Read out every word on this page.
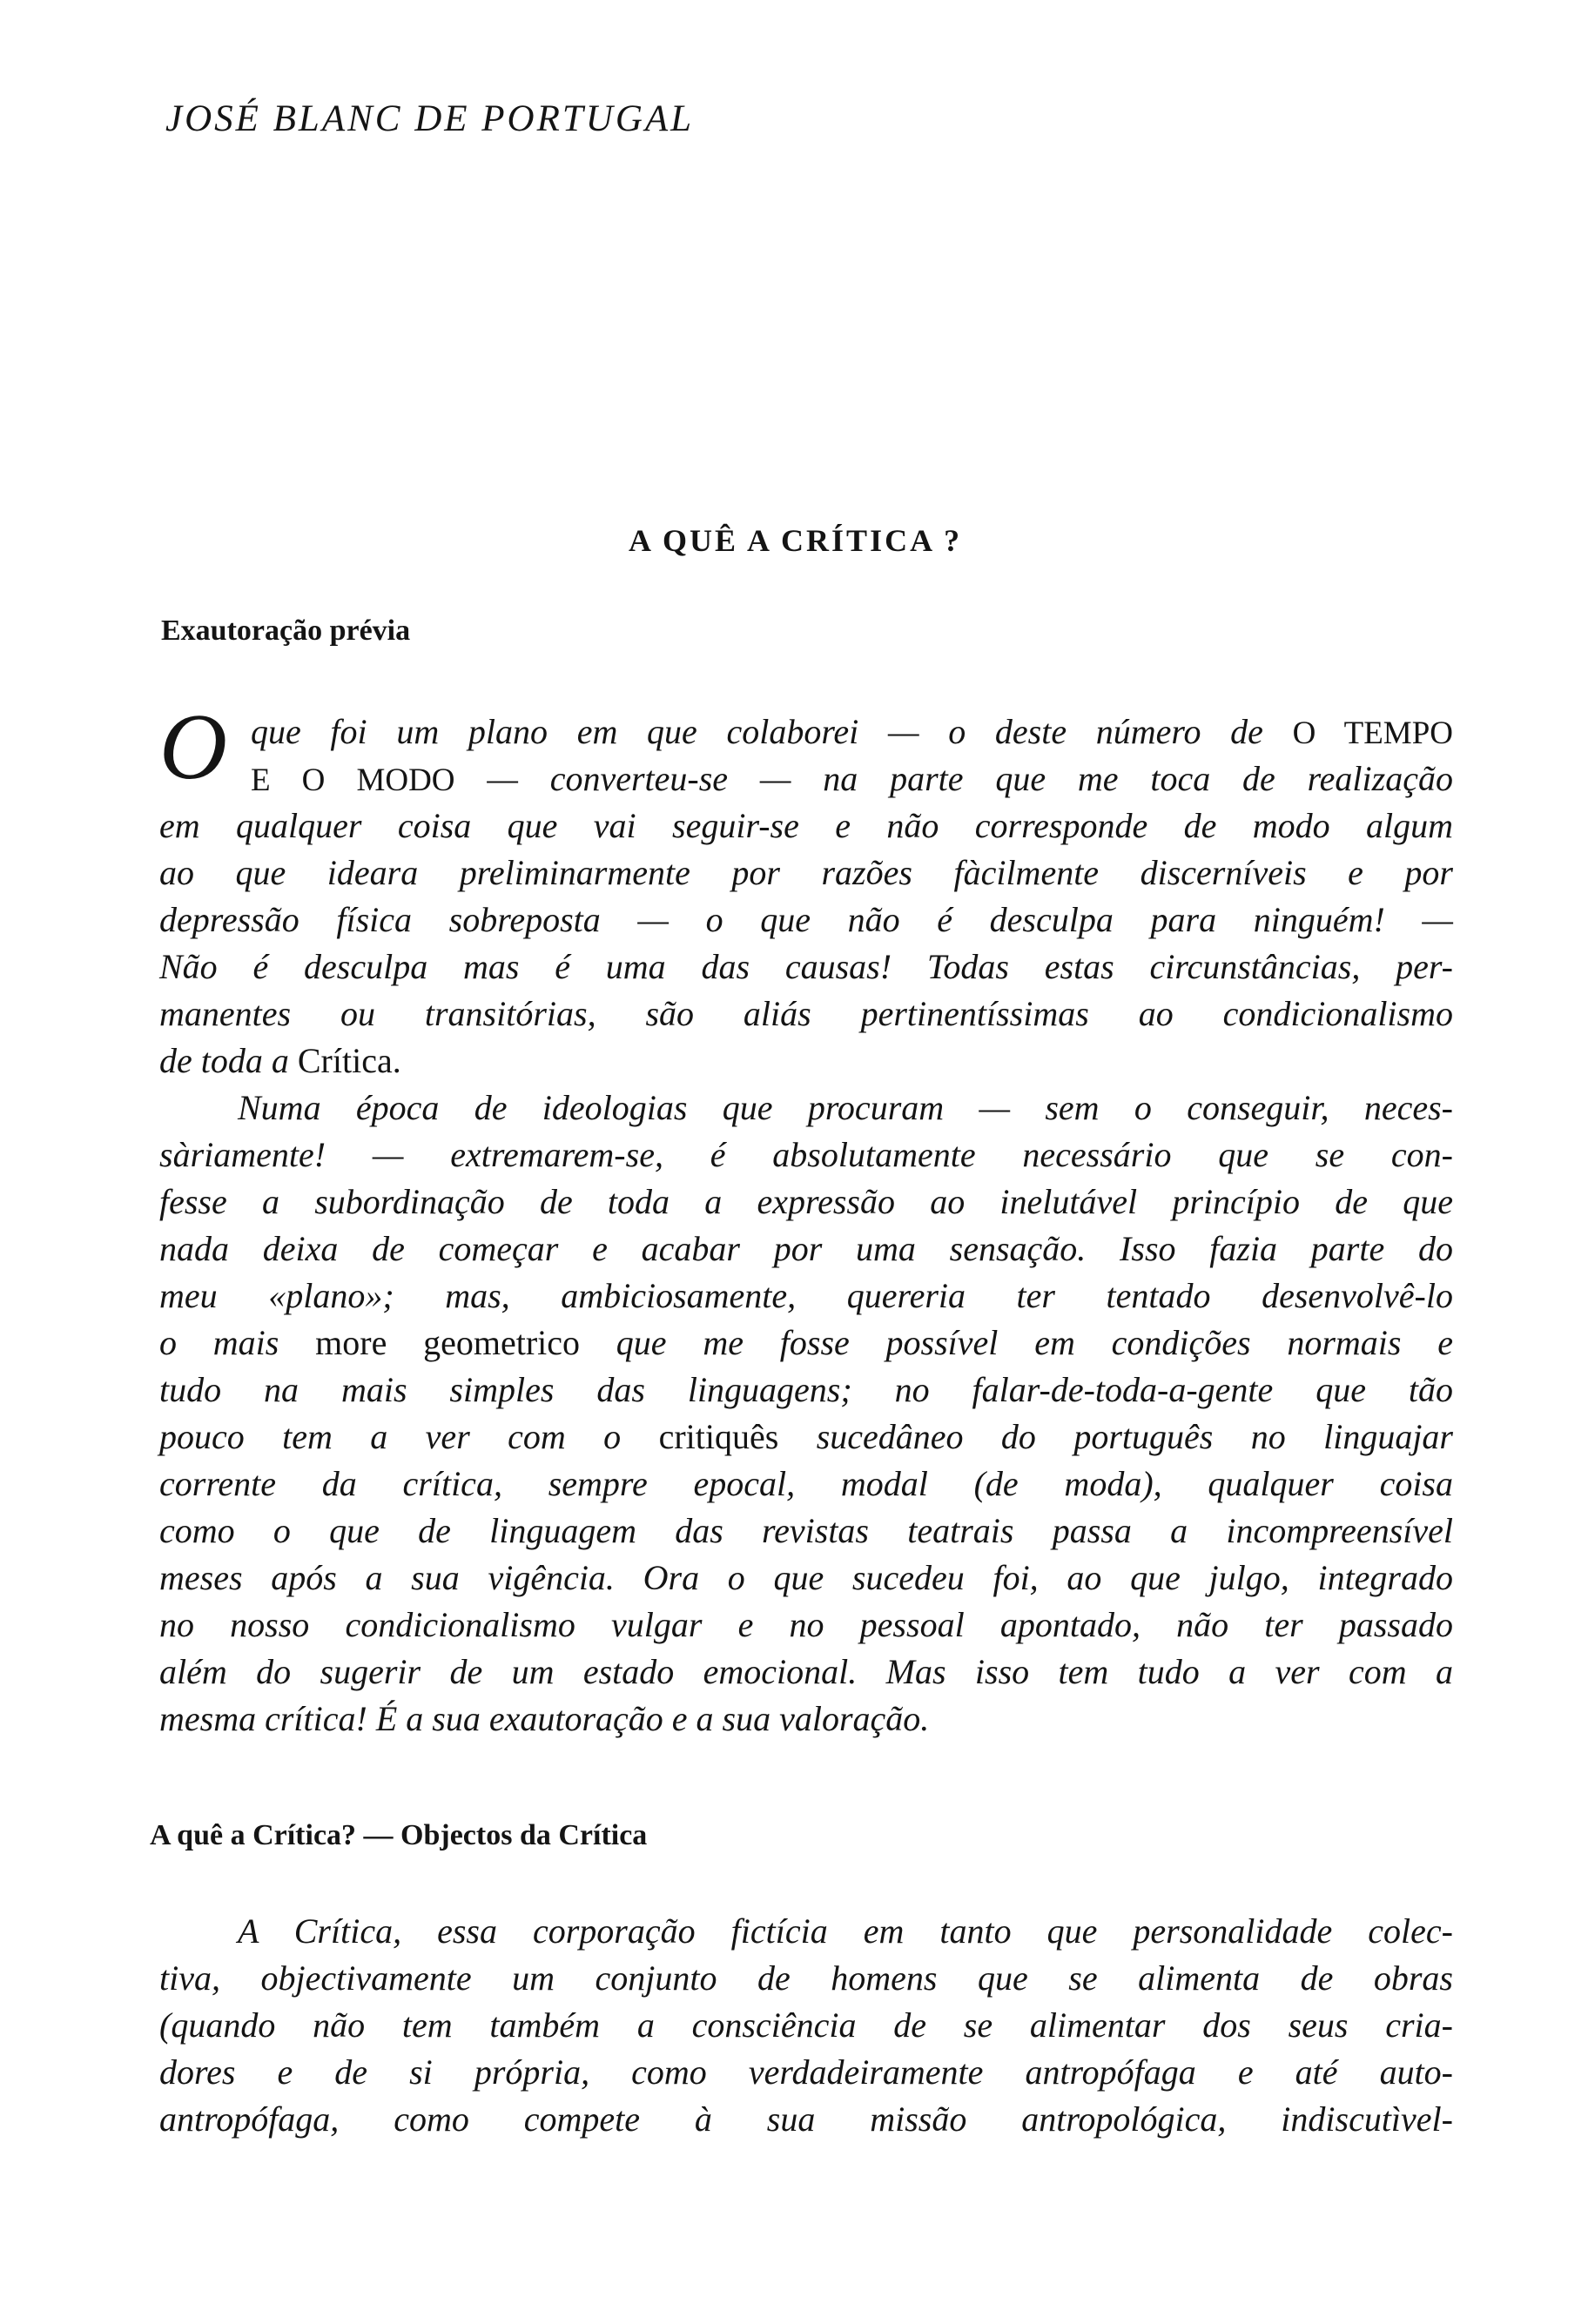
JOSÉ BLANC DE PORTUGAL
A QUÊ A CRÍTICA ?
Exautoração prévia
O que foi um plano em que colaborei — o deste número de O TEMPO
E O MODO — converteu-se — na parte que me toca de realização
em qualquer coisa que vai seguir-se e não corresponde de modo algum
ao que ideara preliminarmente por razões fàcilmente discerníveis e por
depressão física sobreposta — o que não é desculpa para ninguém! —
Não é desculpa mas é uma das causas! Todas estas circunstâncias, per-
manentes ou transitórias, são aliás pertinentíssimas ao condicionalismo
de toda a Crítica.
Numa época de ideologias que procuram — sem o conseguir, neces-
sàriamente! — extremarem-se, é absolutamente necessário que se con-
fesse a subordinação de toda a expressão ao inelutável princípio de que
nada deixa de começar e acabar por uma sensação. Isso fazia parte do
meu «plano»; mas, ambiciosamente, quereria ter tentado desenvolvê-lo
o mais more geometrico que me fosse possível em condições normais e
tudo na mais simples das linguagens; no falar-de-toda-a-gente que tão
pouco tem a ver com o critiquês sucedâneo do português no linguajar
corrente da crítica, sempre epocal, modal (de moda), qualquer coisa
como o que de linguagem das revistas teatrais passa a incompreensível
meses após a sua vigência. Ora o que sucedeu foi, ao que julgo, integrado
no nosso condicionalismo vulgar e no pessoal apontado, não ter passado
além do sugerir de um estado emocional. Mas isso tem tudo a ver com a
mesma crítica! É a sua exautoração e a sua valoração.
A quê a Crítica? — Objectos da Crítica
A Crítica, essa corporação fictícia em tanto que personalidade colec-
tiva, objectivamente um conjunto de homens que se alimenta de obras
(quando não tem também a consciência de se alimentar dos seus cria-
dores e de si própria, como verdadeiramente antropófaga e até auto-
antropófaga, como compete à sua missão antropológica, indiscutìvel-
